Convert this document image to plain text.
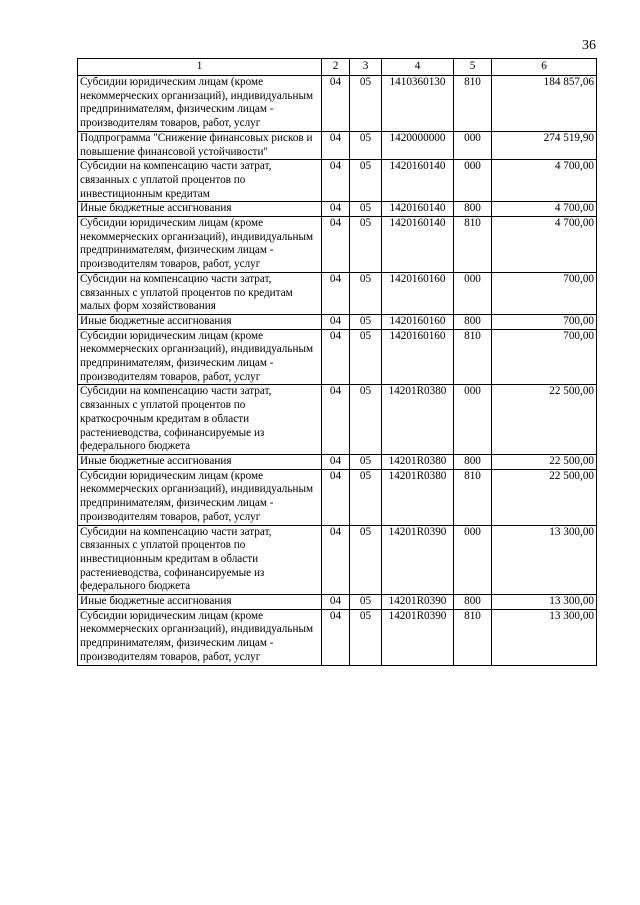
36
1	2	3	4	5	6
Субсидии юридическим лицам (кроме некоммерческих организаций), индивидуальным предпринимателям, физическим лицам - производителям товаров, работ, услуг	04	05	1410360130	810	184 857,06
Подпрограмма "Снижение финансовых рисков и повышение финансовой устойчивости"	04	05	1420000000	000	274 519,90
Субсидии на компенсацию части затрат, связанных с уплатой процентов по инвестиционным кредитам	04	05	1420160140	000	4 700,00
Иные бюджетные ассигнования	04	05	1420160140	800	4 700,00
Субсидии юридическим лицам (кроме некоммерческих организаций), индивидуальным предпринимателям, физическим лицам - производителям товаров, работ, услуг	04	05	1420160140	810	4 700,00
Субсидии на компенсацию части затрат, связанных с уплатой процентов по кредитам малых форм хозяйствования	04	05	1420160160	000	700,00
Иные бюджетные ассигнования	04	05	1420160160	800	700,00
Субсидии юридическим лицам (кроме некоммерческих организаций), индивидуальным предпринимателям, физическим лицам - производителям товаров, работ, услуг	04	05	1420160160	810	700,00
Субсидии на компенсацию части затрат, связанных с уплатой процентов по краткосрочным кредитам в области растениеводства, софинансируемые из федерального бюджета	04	05	14201R0380	000	22 500,00
Иные бюджетные ассигнования	04	05	14201R0380	800	22 500,00
Субсидии юридическим лицам (кроме некоммерческих организаций), индивидуальным предпринимателям, физическим лицам - производителям товаров, работ, услуг	04	05	14201R0380	810	22 500,00
Субсидии на компенсацию части затрат, связанных с уплатой процентов по инвестиционным кредитам в области растениеводства, софинансируемые из федерального бюджета	04	05	14201R0390	000	13 300,00
Иные бюджетные ассигнования	04	05	14201R0390	800	13 300,00
Субсидии юридическим лицам (кроме некоммерческих организаций), индивидуальным предпринимателям, физическим лицам - производителям товаров, работ, услуг	04	05	14201R0390	810	13 300,00
